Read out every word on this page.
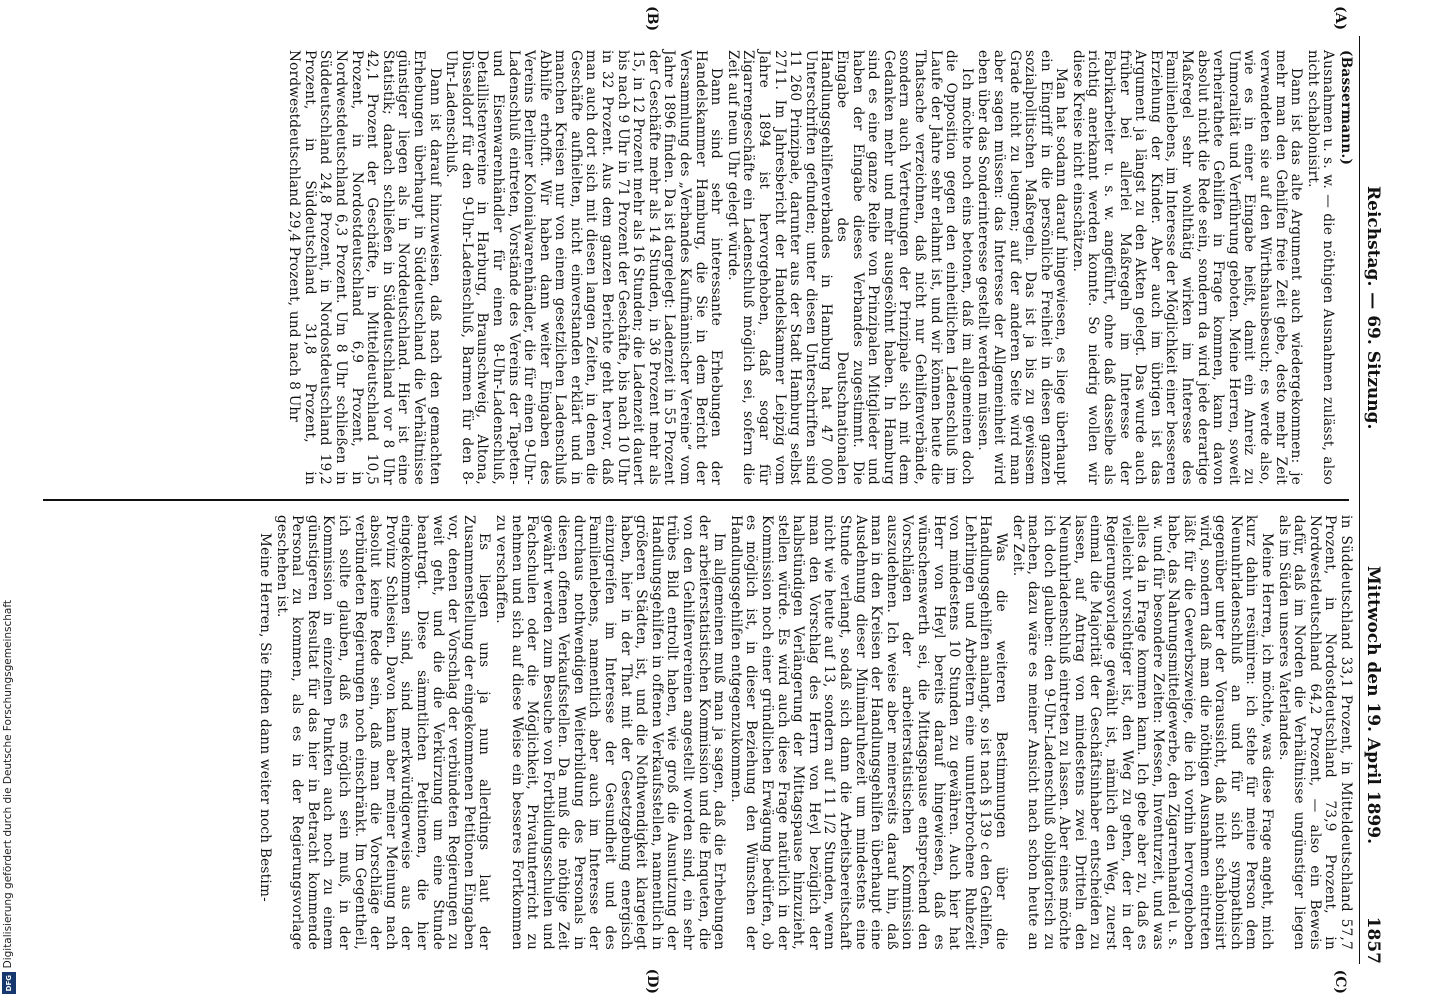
Reichstag. — 69. Sitzung.
Mittwoch den 19. April 1899.
1857
(Bassermann.)

Ausnahmen u. s. w. — die nöthigen Ausnahmen zulässt, also nicht schablonisirt.

Dann ist das alte Argument auch wiedergekommen: je mehr man den Gehilfen freie Zeit gebe, desto mehr Zeit verwendeten sie auf den Wirthshausbesuch; es werde also, wie es in einer Eingabe heißt, damit ein Anreiz zu Unmoralität und Verführung geboten. Meine Herren, soweit verheirathete Gehilfen in Frage kommen, kann davon absolut nicht die Rede sein, sondern da wird jede derartige Maßregel sehr wohlthätig wirken im Interesse des Familienlebens, im Interesse der Möglichkeit einer besseren Erziehung der Kinder. Aber auch im übrigen ist das Argument ja längst zu den Akten gelegt. Das wurde auch früher bei allerlei Maßregeln im Interesse der Fabrikarbeiter u. s. w. angeführt, ohne daß dasselbe als richtig anerkannt werden konnte. So niedrig wollen wir diese Kreise nicht einschätzen.

Man hat sodann darauf hingewiesen, es liege überhaupt ein Eingriff in die persönliche Freiheit in diesen ganzen sozialpolitischen Maßregeln. Das ist ja bis zu gewissem Grade nicht zu leugnen; auf der anderen Seite wird man aber sagen müssen: das Interesse der Allgemeinheit wird eben über das Sonderinteresse gestellt werden müssen.

Ich möchte noch eins betonen, daß im allgemeinen doch die Opposition gegen den einheitlichen Ladenschluß im Laufe der Jahre sehr erlahmt ist, und wir können heute die Thatsache verzeichnen, daß nicht nur Gehilfenverbände, sondern auch Vertretungen der Prinzipale sich mit dem Gedanken mehr und mehr ausgesöhnt haben. In Hamburg sind es eine ganze Reihe von Prinzipalen Mitglieder und haben der Eingabe dieses Verbandes zugestimmt. Die Eingabe des Deutschnationalen Handlungsgehilfenverbandes in Hamburg hat 47 000 Unterschriften gefunden; unter diesen Unterschriften sind 11 260 Prinzipale, darunter aus der Stadt Hamburg selbst 2711. Im Jahresbericht der Handelskammer Leipzig vom Jahre 1894 ist hervorgehoben, daß sogar für Zigarrengeschäfte ein Ladenschluß möglich sei, sofern die Zeit auf neun Uhr gelegt würde.

Dann sind sehr interessante Erhebungen der Handelskammer Hamburg, die Sie in dem Bericht der Versammlung des „Verbandes Kaufmännischer Vereine“ vom Jahre 1896 finden. Da ist dargelegt: Ladenzeit in 55 Prozent der Geschäfte mehr als 14 Stunden, in 36 Prozent mehr als 15, in 12 Prozent mehr als 16 Stunden; die Ladenzeit dauert bis nach 9 Uhr in 71 Prozent der Geschäfte, bis nach 10 Uhr in 32 Prozent. Aus dem ganzen Berichte geht hervor, daß man auch dort sich mit diesen langen Zeiten, in denen die Geschäfte aufhielten, nicht einverstanden erklärt und in manchen Kreisen nur von einem gesetzlichen Ladenschluß Abhilfe erhofft. Wir haben dann weiter Eingaben des Vereins Berliner Kolonialwarenhändler, die für einen 9-Uhr-Ladenschluß eintreten, Vorstände des Vereins der Tapeten- und Eisenwarenhändler für einen 8-Uhr-Ladenschluß, Detaillistenvereine in Harburg, Braunschweig, Altona, Düsseldorf für den 9-Uhr-Ladenschluß, Barmen für den 8-Uhr-Ladenschluß.

Dann ist darauf hinzuweisen, daß nach den gemachten Erhebungen überhaupt in Süddeutschland die Verhältnisse günstiger liegen als in Norddeutschland. Hier ist eine Statistik; danach schließen in Süddeutschland vor 8 Uhr 42,1 Prozent der Geschäfte, in Mitteldeutschland 10,5 Prozent, in Nordostdeutschland 6,9 Prozent, in Nordwestdeutschland 6,3 Prozent. Um 8 Uhr schließen in Süddeutschland 24,8 Prozent, in Nordostdeutschland 19,2 Prozent, in Süddeutschland 31,8 Prozent, in Nordwestdeutschland 29,4 Prozent, und nach 8 Uhr

in Süddeutschland 33,1 Prozent, in Mitteldeutschland 57,7 Prozent, in Nordostdeutschland 73,9 Prozent, in Nordwestdeutschland 64,2 Prozent, — also ein Beweis dafür, daß im Norden die Verhältnisse ungünstiger liegen als im Süden unseres Vaterlandes.

Meine Herren, ich möchte, was diese Frage angeht, mich kurz dahin resümiren: ich stehe für meine Person dem Neunuhrladenschluß an und für sich sympathisch gegenüber unter der Voraussicht, daß nicht schablonisirt wird, sondern daß man die nöthigen Ausnahmen eintreten läßt für die Gewerbszweige, die ich vorhin hervorgehoben habe, das Nahrungsmittelgewerbe, den Zigarrenhandel u. s. w. und für besondere Zeiten: Messen, Inventurzeit, und was alles da in Frage kommen kann. Ich gebe aber zu, daß es vielleicht vorsichtiger ist, den Weg zu gehen, der in der Regierungsvorlage gewählt ist, nämlich den Weg, zuerst einmal die Majorität der Geschäftsinhaber entscheiden zu lassen, auf Antrag von mindestens zwei Dritteln den Neunuhrladenschluß eintreten zu lassen. Aber eines möchte ich doch glauben: den 9-Uhr-Ladenschluß obligatorisch zu machen, dazu wäre es meiner Ansicht nach schon heute an der Zeit.

Was die weiteren Bestimmungen über die Handlungsgehilfen anlangt, so ist nach § 139 c den Gehilfen, Lehrlingen und Arbeitern eine ununterbrochene Ruhezeit von mindestens 10 Stunden zu gewähren. Auch hier hat Herr von Heyl bereits darauf hingewiesen, daß es wünschenswerth sei, die Mittagspause entsprechend den Vorschlägen der arbeiterstatistischen Kommission auszudehnen. Ich weise aber meinerseits darauf hin, daß man in den Kreisen der Handlungsgehilfen überhaupt eine Ausdehnung dieser Minimalruhezeit um mindestens eine Stunde verlangt, sodaß sich dann die Arbeitsbereitschaft nicht wie heute auf 13, sondern auf 11 1/2 Stunden, wenn man den Vorschlag des Herrn von Heyl bezüglich der halbstündigen Verlängerung der Mittagspause hinzuzieht, stellen würde. Es wird auch diese Frage natürlich in der Kommission noch einer gründlichen Erwägung bedürfen, ob es möglich ist, in dieser Beziehung den Wünschen der Handlungsgehilfen entgegenzukommen.

Im allgemeinen muß man ja sagen, daß die Erhebungen der arbeiterstatistischen Kommission und die Enqueten, die von den Gehilfenvereinen angestellt worden sind, ein sehr trübes Bild entrollt haben, wie groß die Ausnutzung der Handlungsgehilfen in offenen Verkaufsstellen, namentlich in größeren Städten, ist, und die Nothwendigkeit klargelegt haben, hier in der That mit der Gesetzgebung energisch einzugreifen im Interesse der Gesundheit und des Familienlebens, namentlich aber auch im Interesse der durchaus nothwendigen Weiterbildung des Personals in diesen offenen Verkaufsstellen. Da muß die nöthige Zeit gewährt werden zum Besuche von Fortbildungsschulen und Fachschulen oder die Möglichkeit, Privatunterricht zu nehmen und sich auf diese Weise ein besseres Fortkommen zu verschaffen.

Es liegen uns ja nun allerdings laut der Zusammenstellung der eingekommenen Petitionen Eingaben vor, denen der Vorschlag der verbündeten Regierungen zu weit geht, und die die Verkürzung um eine Stunde beantragt. Diese sämmtlichen Petitionen, die hier eingekommen sind, sind merkwürdigerweise aus der Provinz Schlesien. Davon kann aber meiner Meinung nach absolut keine Rede sein, daß man die Vorschläge der verbündeten Regierungen noch einschränkt. Im Gegentheil, ich sollte glauben, daß es möglich sein muß, in der Kommission in einzelnen Punkten auch noch zu einem günstigeren Resultat für das hier in Betracht kommende Personal zu kommen, als es in der Regierungsvorlage geschehen ist.

Meine Herren, Sie finden dann weiter noch Bestim-

(A)
(B)
(C)
(D)
Digitalisierung gefördert durch die Deutsche Forschungsgemeinschaft
DFG
